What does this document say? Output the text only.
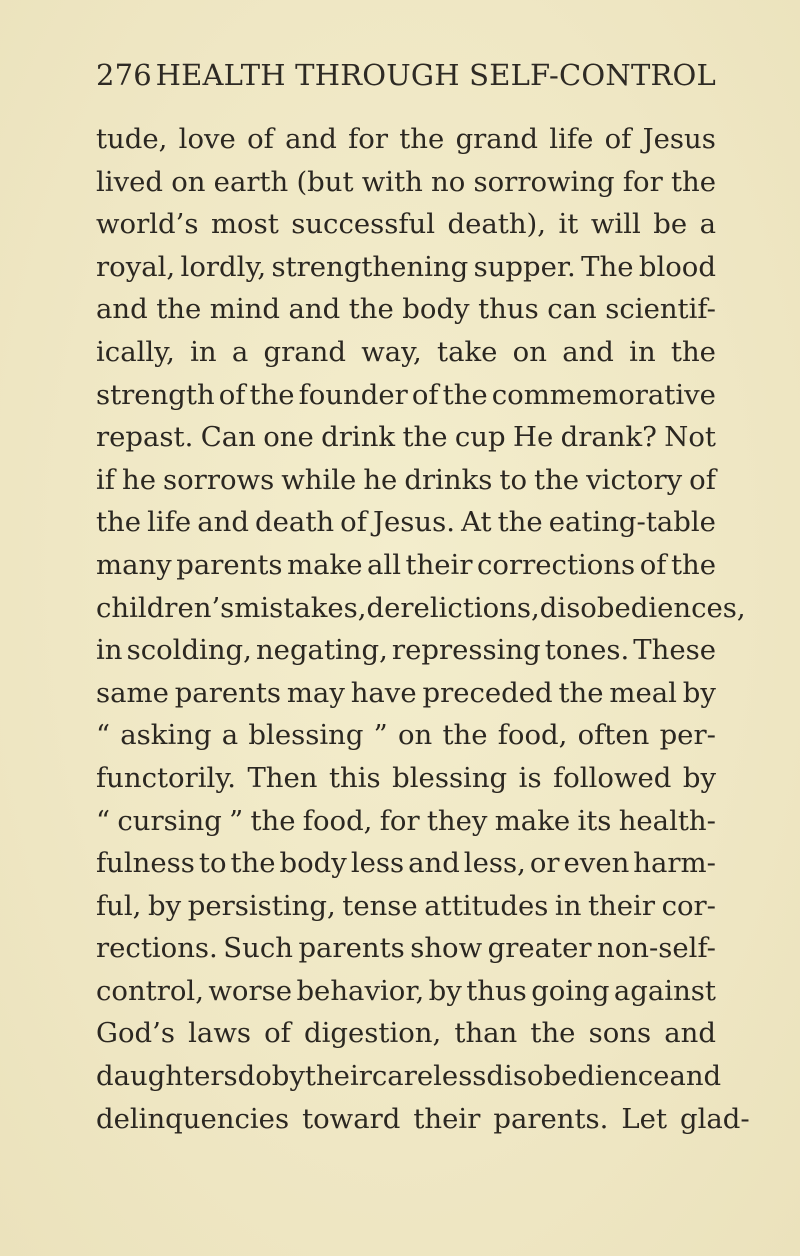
276 HEALTH THROUGH SELF-CONTROL
tude, love of and for the grand life of Jesus
lived on earth (but with no sorrowing for the
world’s most successful death), it will be a
royal, lordly, strengthening supper. The blood
and the mind and the body thus can scientif-
ically, in a grand way, take on and in the
strength of the founder of the commemorative
repast. Can one drink the cup He drank? Not
if he sorrows while he drinks to the victory of
the life and death of Jesus. At the eating-table
many parents make all their corrections of the
children’s mistakes, derelictions, disobediences,
in scolding, negating, repressing tones. These
same parents may have preceded the meal by
“ asking a blessing ” on the food, often per-
functorily. Then this blessing is followed by
“ cursing ” the food, for they make its health-
fulness to the body less and less, or even harm-
ful, by persisting, tense attitudes in their cor-
rections. Such parents show greater non-self-
control, worse behavior, by thus going against
God’s laws of digestion, than the sons and
daughters do by their careless disobedience and
delinquencies toward their parents. Let glad-
